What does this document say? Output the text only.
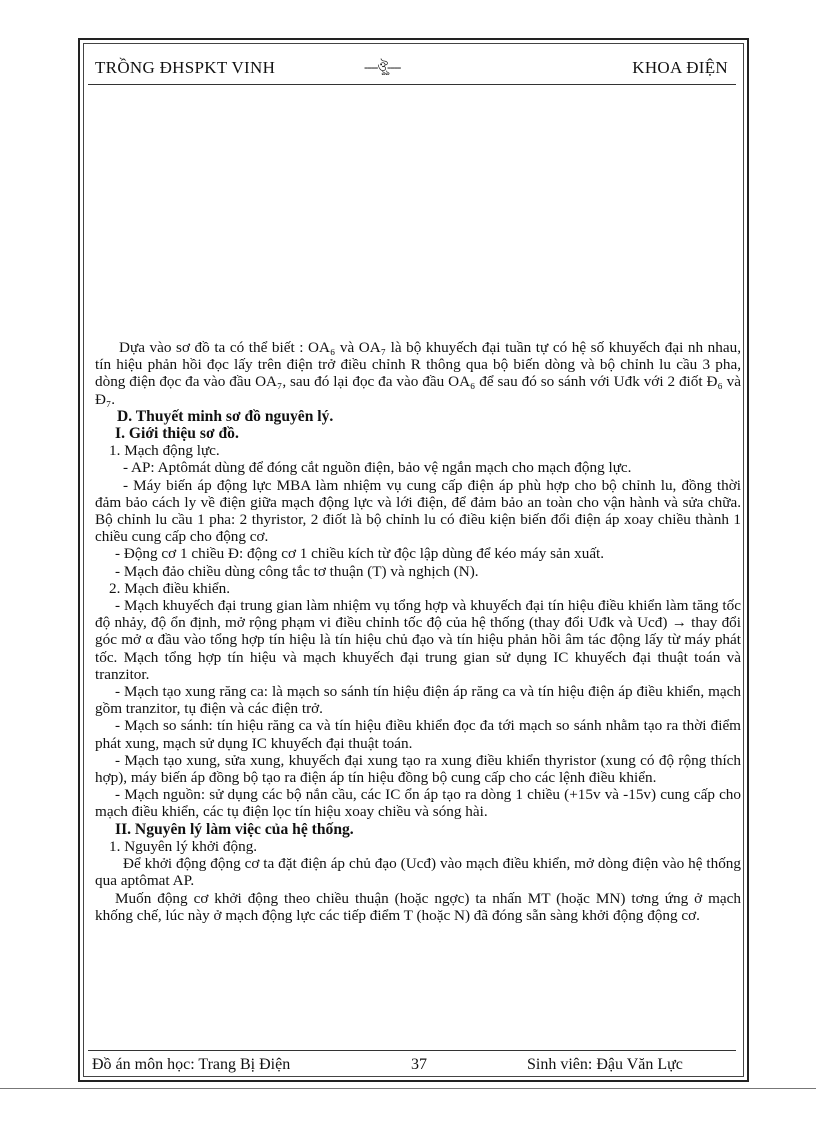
TRỒNG ĐHSPKT VINH	----ঔৣ----	KHOA ĐIỆN

Dựa vào sơ đồ ta có thể biết : OA₆ và OA₇ là bộ khuyếch đại tuần tự có hệ số khuyếch đại nh nhau, tín hiệu phản hồi đọc lấy trên điện trở điều chỉnh R thông qua bộ biến dòng và bộ chỉnh lu cầu 3 pha, dòng điện đọc đa vào đầu OA₇, sau đó lại đọc đa vào đầu OA₆ để sau đó so sánh với Uđk với 2 điốt Đ₆ và Đ₇.

D. Thuyết minh sơ đồ nguyên lý.

I. Giới thiệu sơ đồ.

1. Mạch động lực.

- AP: Aptômát dùng để đóng cắt nguồn điện, bảo vệ ngắn mạch cho mạch động lực.

- Máy biến áp động lực MBA làm nhiệm vụ cung cấp điện áp phù hợp cho bộ chỉnh lu, đồng thời đảm bảo cách ly về điện giữa mạch động lực và lới điện, để đảm bảo an toàn cho vận hành và sửa chữa. Bộ chỉnh lu cầu 1 pha: 2 thyristor, 2 điốt là bộ chỉnh lu có điều kiện biến đổi điện áp xoay chiều thành 1 chiều cung cấp cho động cơ.

- Động cơ 1 chiều Đ: động cơ 1 chiều kích từ độc lập dùng để kéo máy sản xuất.

- Mạch đảo chiều dùng công tắc tơ thuận (T) và nghịch (N).

2. Mạch điều khiển.

- Mạch khuyếch đại trung gian làm nhiệm vụ tổng hợp và khuyếch đại tín hiệu điều khiển làm tăng tốc độ nhảy, độ ổn định, mở rộng phạm vi điều chỉnh tốc độ của hệ thống (thay đổi Uđk và Ucđ) → thay đổi góc mở α đầu vào tổng hợp tín hiệu là tín hiệu chủ đạo và tín hiệu phản hồi âm tác động lấy từ máy phát tốc. Mạch tổng hợp tín hiệu và mạch khuyếch đại trung gian sử dụng IC khuyếch đại thuật toán và tranzitor.

- Mạch tạo xung răng ca: là mạch so sánh tín hiệu điện áp răng ca và tín hiệu điện áp điều khiển, mạch gồm tranzitor, tụ điện và các điện trở.

- Mạch so sánh: tín hiệu răng ca và tín hiệu điều khiển đọc đa tới mạch so sánh nhằm tạo ra thời điểm phát xung, mạch sử dụng IC khuyếch đại thuật toán.

- Mạch tạo xung, sửa xung, khuyếch đại xung tạo ra xung điều khiển thyristor (xung có độ rộng thích hợp), máy biến áp đồng bộ tạo ra điện áp tín hiệu đồng bộ cung cấp cho các lệnh điều khiển.

- Mạch nguồn: sử dụng các bộ nắn cầu, các IC ổn áp tạo ra dòng 1 chiều (+15v và -15v) cung cấp cho mạch điều khiển, các tụ điện lọc tín hiệu xoay chiều và sóng hài.

II. Nguyên lý làm việc của hệ thống.

1. Nguyên lý khởi động.

Để khởi động động cơ ta đặt điện áp chủ đạo (Ucđ) vào mạch điều khiển, mở dòng điện vào hệ thống qua aptômat AP.

Muốn động cơ khởi động theo chiều thuận (hoặc ngợc) ta nhấn MT (hoặc MN) tơng ứng ở mạch khống chế, lúc này ở mạch động lực các tiếp điểm T (hoặc N) đã đóng sẵn sàng khởi động động cơ.

Đồ án môn học: Trang Bị Điện	37	Sinh viên: Đậu Văn Lực
